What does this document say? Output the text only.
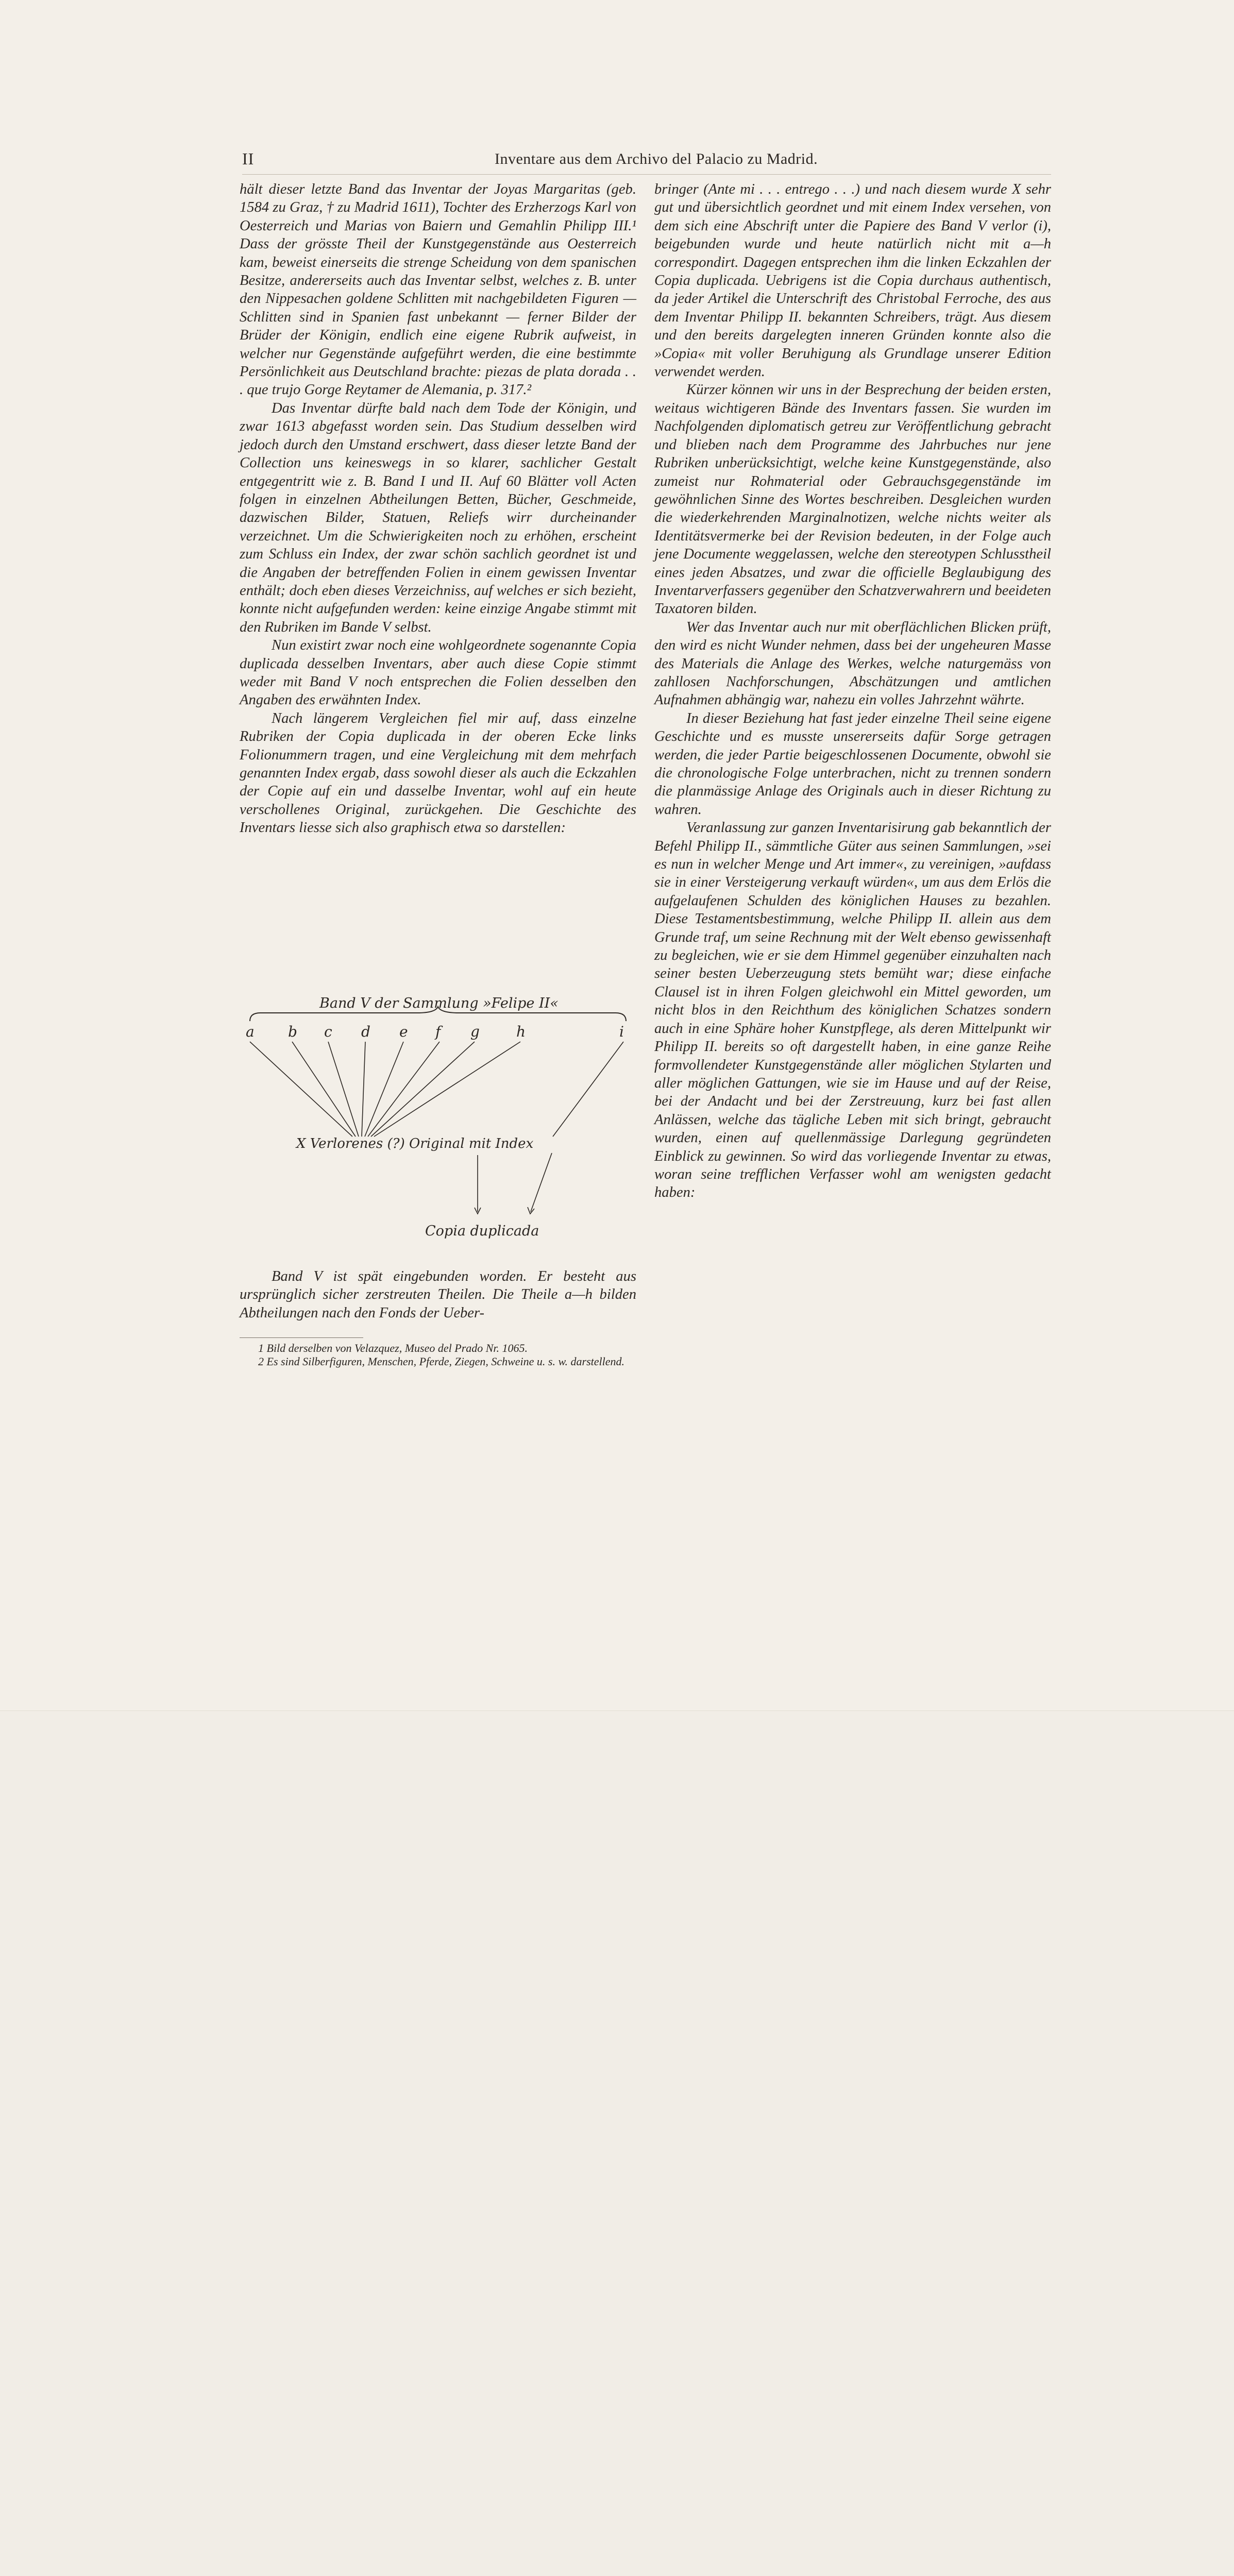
II	Inventare aus dem Archivo del Palacio zu Madrid.

hält dieser letzte Band das Inventar der Joyas Margaritas (geb. 1584 zu Graz, † zu Madrid 1611), Tochter des Erzherzogs Karl von Oesterreich und Marias von Baiern und Gemahlin Philipp III.¹ Dass der grösste Theil der Kunstgegenstände aus Oesterreich kam, beweist einerseits die strenge Scheidung von dem spanischen Besitze, andererseits auch das Inventar selbst, welches z. B. unter den Nippesachen goldene Schlitten mit nachgebildeten Figuren — Schlitten sind in Spanien fast unbekannt — ferner Bilder der Brüder der Königin, endlich eine eigene Rubrik aufweist, in welcher nur Gegenstände aufgeführt werden, die eine bestimmte Persönlichkeit aus Deutschland brachte: piezas de plata dorada . . . que trujo Gorge Reytamer de Alemania, p. 317.²

Das Inventar dürfte bald nach dem Tode der Königin, und zwar 1613 abgefasst worden sein. Das Studium desselben wird jedoch durch den Umstand erschwert, dass dieser letzte Band der Collection uns keineswegs in so klarer, sachlicher Gestalt entgegentritt wie z. B. Band I und II. Auf 60 Blätter voll Acten folgen in einzelnen Abtheilungen Betten, Bücher, Geschmeide, dazwischen Bilder, Statuen, Reliefs wirr durcheinander verzeichnet. Um die Schwierigkeiten noch zu erhöhen, erscheint zum Schluss ein Index, der zwar schön sachlich geordnet ist und die Angaben der betreffenden Folien in einem gewissen Inventar enthält; doch eben dieses Verzeichniss, auf welches er sich bezieht, konnte nicht aufgefunden werden: keine einzige Angabe stimmt mit den Rubriken im Bande V selbst.

Nun existirt zwar noch eine wohlgeordnete sogenannte Copia duplicada desselben Inventars, aber auch diese Copie stimmt weder mit Band V noch entsprechen die Folien desselben den Angaben des erwähnten Index.

Nach längerem Vergleichen fiel mir auf, dass einzelne Rubriken der Copia duplicada in der oberen Ecke links Folionummern tragen, und eine Vergleichung mit dem mehrfach genannten Index ergab, dass sowohl dieser als auch die Eckzahlen der Copie auf ein und dasselbe Inventar, wohl auf ein heute verschollenes Original, zurückgehen. Die Geschichte des Inventars liesse sich also graphisch etwa so darstellen:

Band V der Sammlung »Felipe II«
a b c d e f g	h	i
X Verlorenes (?) Original mit Index
Copia duplicada

Band V ist spät eingebunden worden. Er besteht aus ursprünglich sicher zerstreuten Theilen. Die Theile a—h bilden Abtheilungen nach den Fonds der Ueber-

1 Bild derselben von Velazquez, Museo del Prado Nr. 1065.

2 Es sind Silberfiguren, Menschen, Pferde, Ziegen, Schweine u. s. w. darstellend.

bringer (Ante mi . . . entrego . . .) und nach diesem wurde X sehr gut und übersichtlich geordnet und mit einem Index versehen, von dem sich eine Abschrift unter die Papiere des Band V verlor (i), beigebunden wurde und heute natürlich nicht mit a—h correspondirt. Dagegen entsprechen ihm die linken Eckzahlen der Copia duplicada. Uebrigens ist die Copia durchaus authentisch, da jeder Artikel die Unterschrift des Christobal Ferroche, des aus dem Inventar Philipp II. bekannten Schreibers, trägt. Aus diesem und den bereits dargelegten inneren Gründen konnte also die »Copia« mit voller Beruhigung als Grundlage unserer Edition verwendet werden.

Kürzer können wir uns in der Besprechung der beiden ersten, weitaus wichtigeren Bände des Inventars fassen. Sie wurden im Nachfolgenden diplomatisch getreu zur Veröffentlichung gebracht und blieben nach dem Programme des Jahrbuches nur jene Rubriken unberücksichtigt, welche keine Kunstgegenstände, also zumeist nur Rohmaterial oder Gebrauchsgegenstände im gewöhnlichen Sinne des Wortes beschreiben. Desgleichen wurden die wiederkehrenden Marginalnotizen, welche nichts weiter als Identitätsvermerke bei der Revision bedeuten, in der Folge auch jene Documente weggelassen, welche den stereotypen Schlusstheil eines jeden Absatzes, und zwar die officielle Beglaubigung des Inventarverfassers gegenüber den Schatzverwahrern und beeideten Taxatoren bilden.

Wer das Inventar auch nur mit oberflächlichen Blicken prüft, den wird es nicht Wunder nehmen, dass bei der ungeheuren Masse des Materials die Anlage des Werkes, welche naturgemäss von zahllosen Nachforschungen, Abschätzungen und amtlichen Aufnahmen abhängig war, nahezu ein volles Jahrzehnt währte.

In dieser Beziehung hat fast jeder einzelne Theil seine eigene Geschichte und es musste unsererseits dafür Sorge getragen werden, die jeder Partie beigeschlossenen Documente, obwohl sie die chronologische Folge unterbrachen, nicht zu trennen sondern die planmässige Anlage des Originals auch in dieser Richtung zu wahren.

Veranlassung zur ganzen Inventarisirung gab bekanntlich der Befehl Philipp II., sämmtliche Güter aus seinen Sammlungen, »sei es nun in welcher Menge und Art immer«, zu vereinigen, »aufdass sie in einer Versteigerung verkauft würden«, um aus dem Erlös die aufgelaufenen Schulden des königlichen Hauses zu bezahlen. Diese Testamentsbestimmung, welche Philipp II. allein aus dem Grunde traf, um seine Rechnung mit der Welt ebenso gewissenhaft zu begleichen, wie er sie dem Himmel gegenüber einzuhalten nach seiner besten Ueberzeugung stets bemüht war; diese einfache Clausel ist in ihren Folgen gleichwohl ein Mittel geworden, um nicht blos in den Reichthum des königlichen Schatzes sondern auch in eine Sphäre hoher Kunstpflege, als deren Mittelpunkt wir Philipp II. bereits so oft dargestellt haben, in eine ganze Reihe formvollendeter Kunstgegenstände aller möglichen Stylarten und aller möglichen Gattungen, wie sie im Hause und auf der Reise, bei der Andacht und bei der Zerstreuung, kurz bei fast allen Anlässen, welche das tägliche Leben mit sich bringt, gebraucht wurden, einen auf quellenmässige Darlegung gegründeten Einblick zu gewinnen. So wird das vorliegende Inventar zu etwas, woran seine trefflichen Verfasser wohl am wenigsten gedacht haben:
